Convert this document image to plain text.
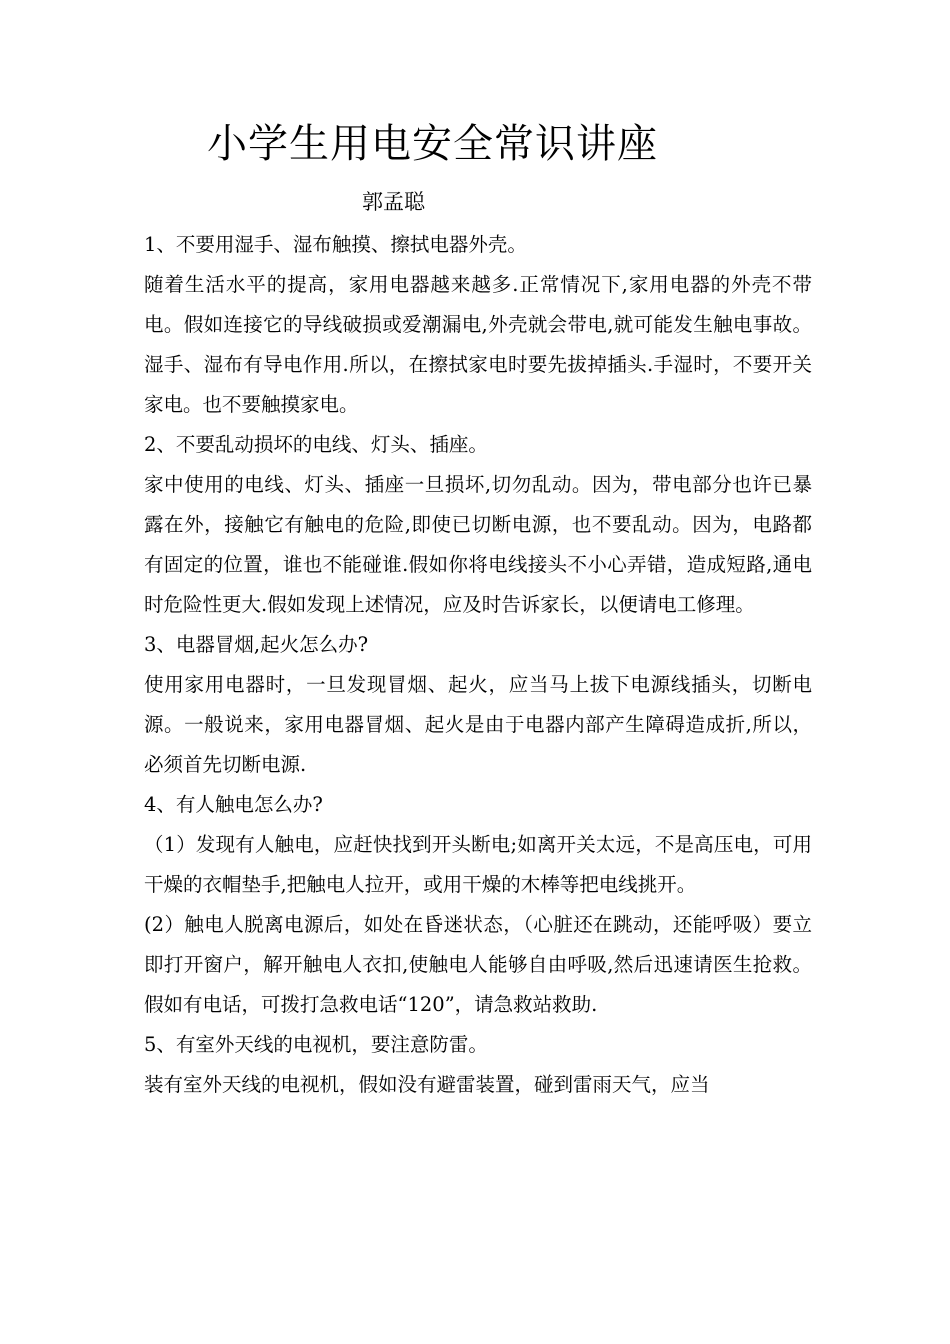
小学生用电安全常识讲座
郭孟聪

1、不要用湿手、湿布触摸、擦拭电器外壳。

随着生活水平的提高，家用电器越来越多.正常情况下,家用电器的外壳不带电。假如连接它的导线破损或爱潮漏电,外壳就会带电,就可能发生触电事故。湿手、湿布有导电作用.所以，在擦拭家电时要先拔掉插头.手湿时，不要开关家电。也不要触摸家电。

2、不要乱动损坏的电线、灯头、插座。

家中使用的电线、灯头、插座一旦损坏,切勿乱动。因为，带电部分也许已暴露在外，接触它有触电的危险,即使已切断电源，也不要乱动。因为，电路都有固定的位置，谁也不能碰谁.假如你将电线接头不小心弄错，造成短路,通电时危险性更大.假如发现上述情况，应及时告诉家长，以便请电工修理。

3、电器冒烟,起火怎么办?

使用家用电器时，一旦发现冒烟、起火，应当马上拔下电源线插头，切断电源。一般说来，家用电器冒烟、起火是由于电器内部产生障碍造成折,所以，必须首先切断电源.

4、有人触电怎么办?

（1）发现有人触电，应赶快找到开头断电;如离开关太远，不是高压电，可用干燥的衣帽垫手,把触电人拉开，或用干燥的木棒等把电线挑开。

(2）触电人脱离电源后，如处在昏迷状态，（心脏还在跳动，还能呼吸）要立即打开窗户，解开触电人衣扣,使触电人能够自由呼吸,然后迅速请医生抢救。假如有电话，可拨打急救电话“120”，请急救站救助.

5、有室外天线的电视机，要注意防雷。

装有室外天线的电视机，假如没有避雷装置，碰到雷雨天气，应当
